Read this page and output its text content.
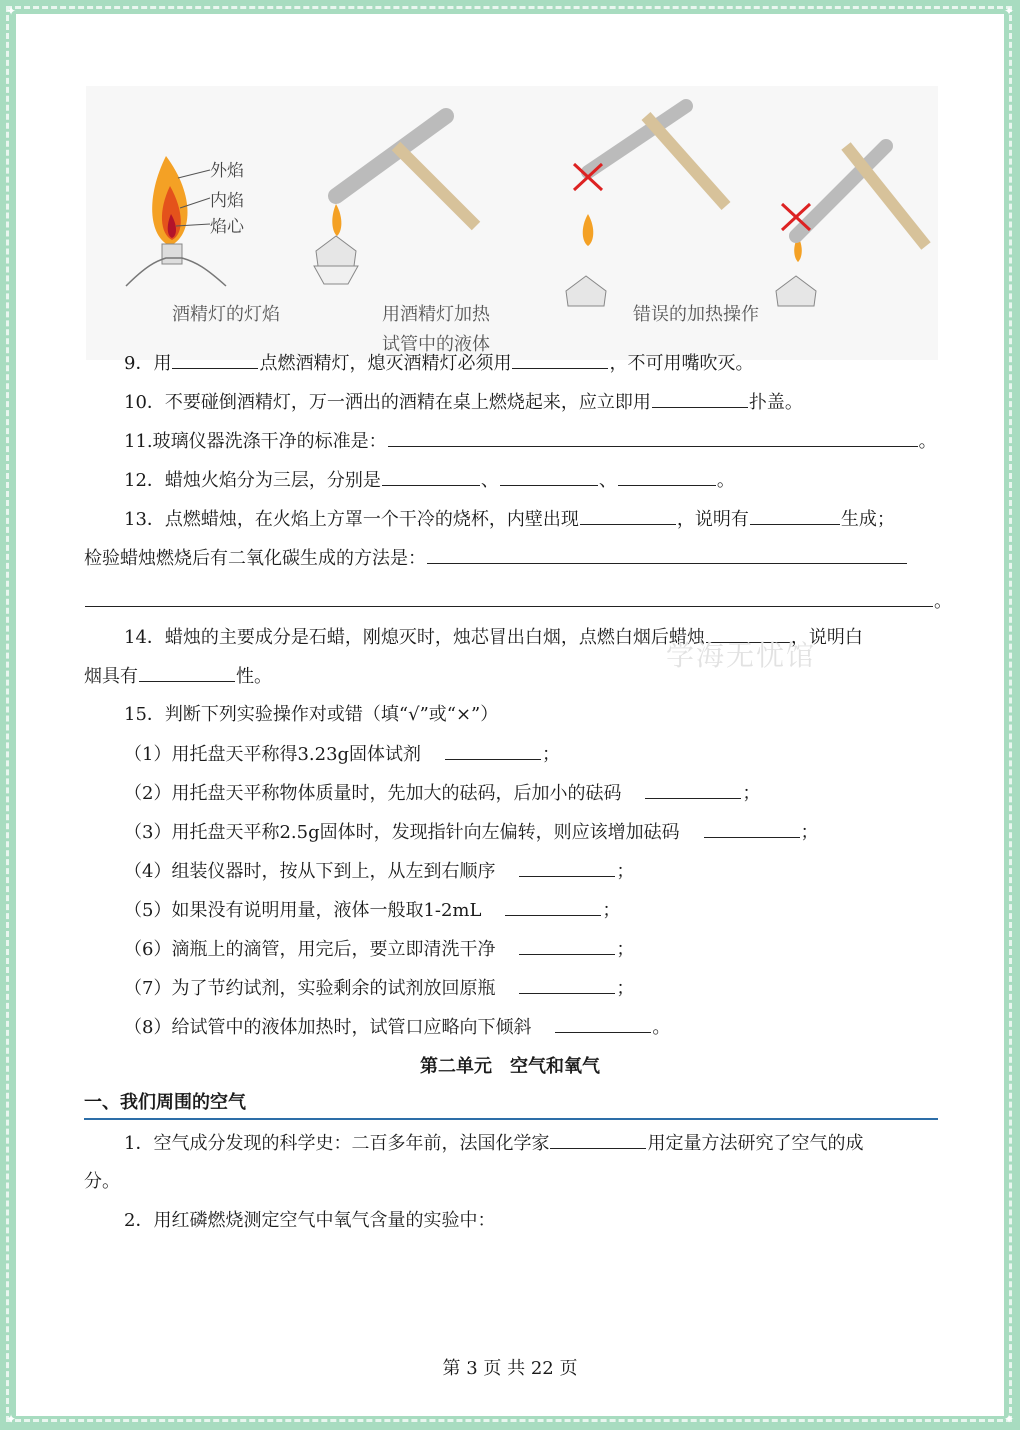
✦	✦
✦	✦
外焰
内焰
焰心
酒精灯的灯焰	用酒精灯加热
试管中的液体
错误的加热操作
9．用	点燃酒精灯，熄灭酒精灯必须用	，不可用嘴吹灭。
10．不要碰倒酒精灯，万一洒出的酒精在桌上燃烧起来，应立即用	扑盖。
11.玻璃仪器洗涤干净的标准是：	。
12．蜡烛火焰分为三层，分别是	、	、	。
13．点燃蜡烛，在火焰上方罩一个干冷的烧杯，内壁出现	，说明有	生成；
检验蜡烛燃烧后有二氧化碳生成的方法是：
。
14．蜡烛的主要成分是石蜡，刚熄灭时，烛芯冒出白烟，点燃白烟后蜡烛	，说明白
烟具有	性。
学海无忧馆
15．判断下列实验操作对或错（填“√”或“×”）
（1）用托盘天平称得3.23g固体试剂	；
（2）用托盘天平称物体质量时，先加大的砝码，后加小的砝码	；
（3）用托盘天平称2.5g固体时，发现指针向左偏转，则应该增加砝码	；
（4）组装仪器时，按从下到上，从左到右顺序	；
（5）如果没有说明用量，液体一般取1-2mL	；
（6）滴瓶上的滴管，用完后，要立即清洗干净	；
（7）为了节约试剂，实验剩余的试剂放回原瓶	；
（8）给试管中的液体加热时，试管口应略向下倾斜	。
第二单元　空气和氧气
一、我们周围的空气
1．空气成分发现的科学史：二百多年前，法国化学家	用定量方法研究了空气的成
分。
2．用红磷燃烧测定空气中氧气含量的实验中：
第 3 页 共 22 页
